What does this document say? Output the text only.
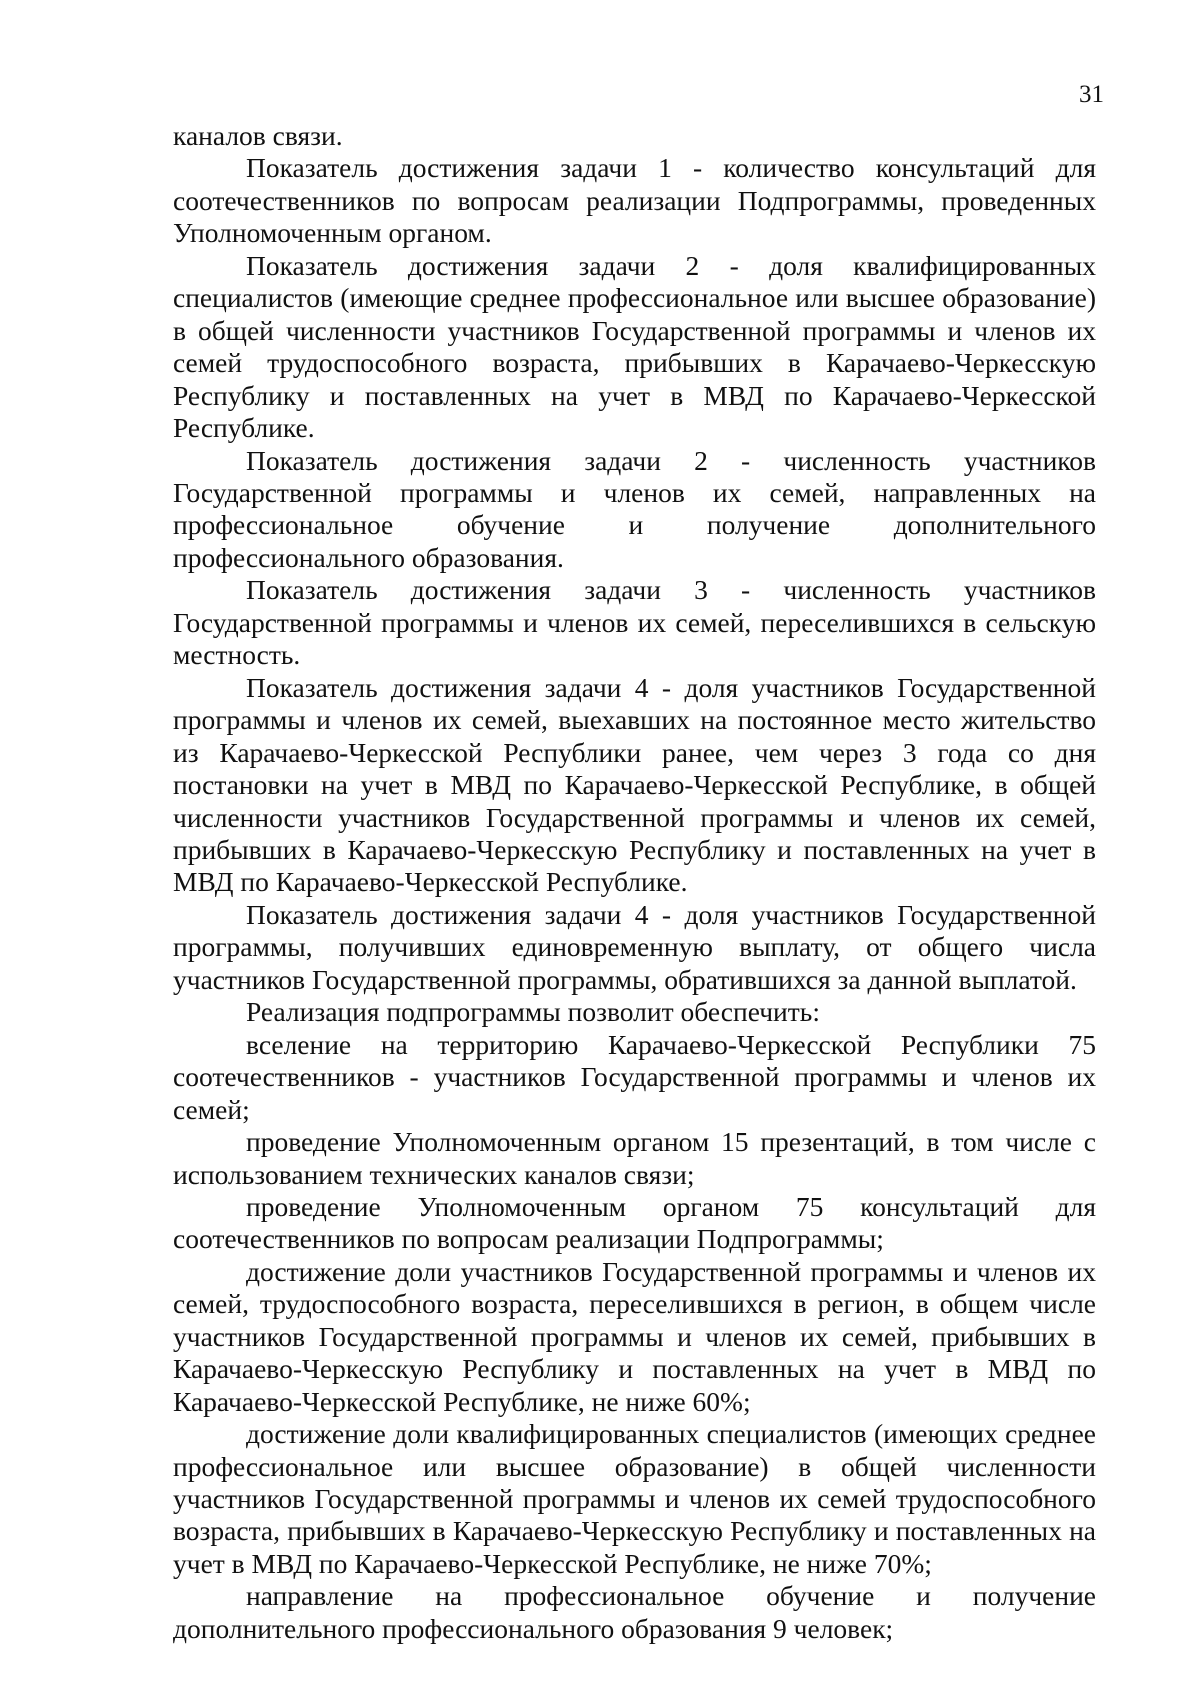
31

каналов связи.

Показатель достижения задачи 1 - количество консультаций для соотечественников по вопросам реализации Подпрограммы, проведенных Уполномоченным органом.

Показатель достижения задачи 2 - доля квалифицированных специалистов (имеющие среднее профессиональное или высшее образование) в общей численности участников Государственной программы и членов их семей трудоспособного возраста, прибывших в Карачаево-Черкесскую Республику и поставленных на учет в МВД по Карачаево-Черкесской Республике.

Показатель достижения задачи 2 - численность участников Государственной программы и членов их семей, направленных на профессиональное обучение и получение дополнительного профессионального образования.

Показатель достижения задачи 3 - численность участников Государственной программы и членов их семей, переселившихся в сельскую местность.

Показатель достижения задачи 4 - доля участников Государственной программы и членов их семей, выехавших на постоянное место жительство из Карачаево-Черкесской Республики ранее, чем через 3 года со дня постановки на учет в МВД по Карачаево-Черкесской Республике, в общей численности участников Государственной программы и членов их семей, прибывших в Карачаево-Черкесскую Республику и поставленных на учет в МВД по Карачаево-Черкесской Республике.

Показатель достижения задачи 4 - доля участников Государственной программы, получивших единовременную выплату, от общего числа участников Государственной программы, обратившихся за данной выплатой.

Реализация подпрограммы позволит обеспечить:

вселение на территорию Карачаево-Черкесской Республики 75 соотечественников - участников Государственной программы и членов их семей;

проведение Уполномоченным органом 15 презентаций, в том числе с использованием технических каналов связи;

проведение Уполномоченным органом 75 консультаций для соотечественников по вопросам реализации Подпрограммы;

достижение доли участников Государственной программы и членов их семей, трудоспособного возраста, переселившихся в регион, в общем числе участников Государственной программы и членов их семей, прибывших в Карачаево-Черкесскую Республику и поставленных на учет в МВД по Карачаево-Черкесской Республике, не ниже 60%;

достижение доли квалифицированных специалистов (имеющих среднее профессиональное или высшее образование) в общей численности участников Государственной программы и членов их семей трудоспособного возраста, прибывших в Карачаево-Черкесскую Республику и поставленных на учет в МВД по Карачаево-Черкесской Республике, не ниже 70%;

направление на профессиональное обучение и получение дополнительного профессионального образования 9 человек;
